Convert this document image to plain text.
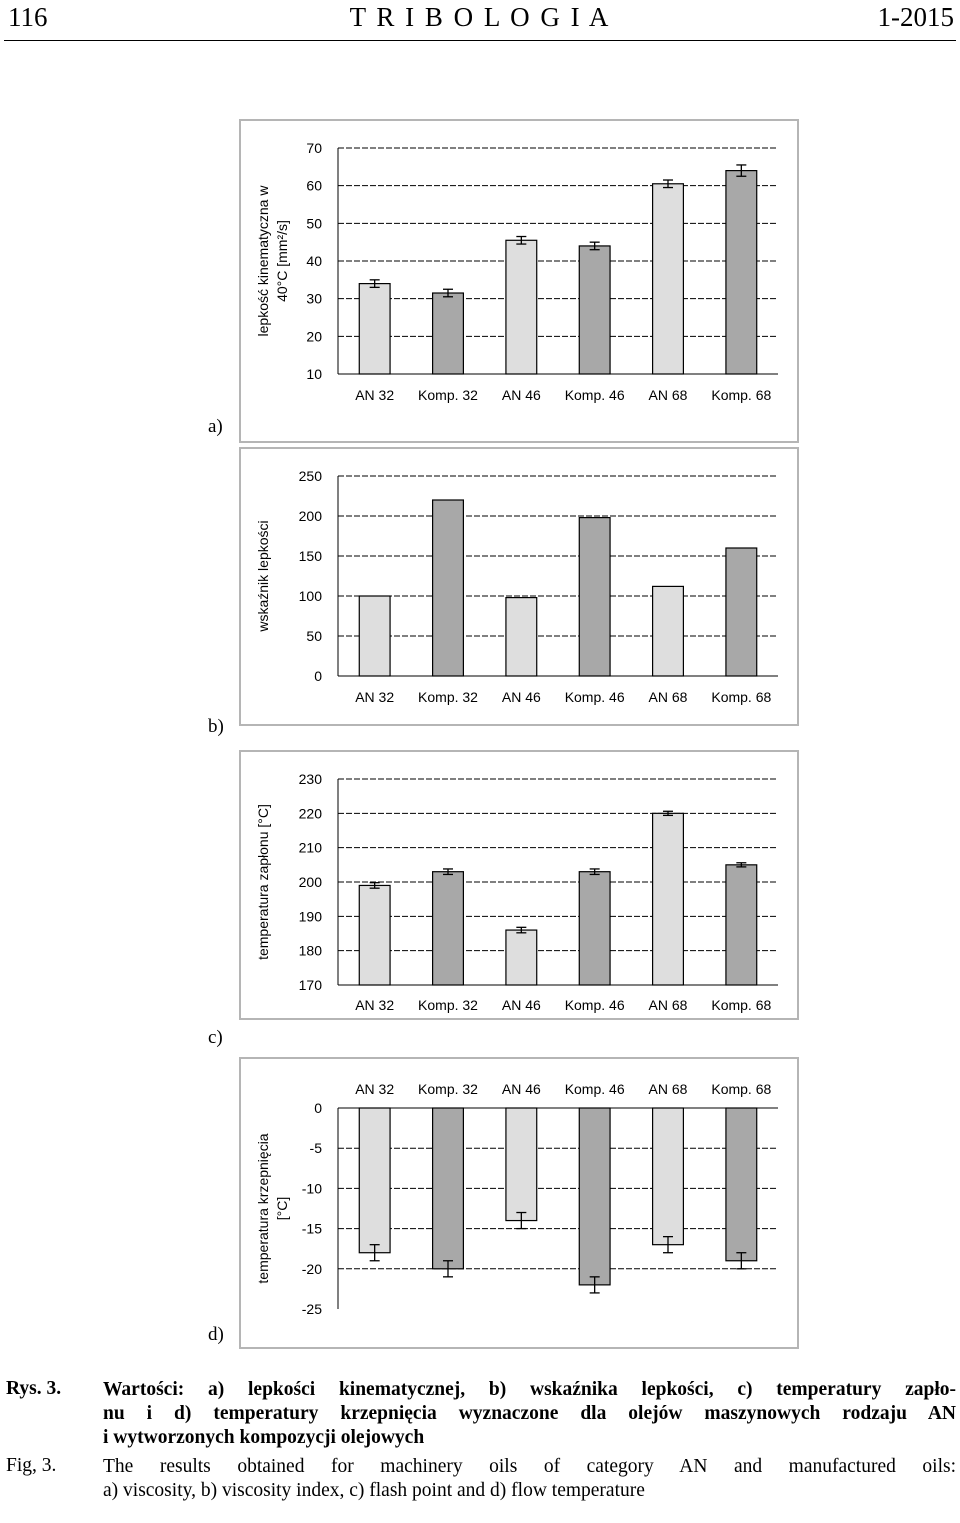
116	T R I B O L O G I A	1-2015
10
20
30
40
50
60
70
AN 32 Komp. 32 AN 46 Komp. 46 AN 68 Komp. 68
lepkość kinematyczna w 40°C [mm²/s]
a)
0
50
100
150
200
250
AN 32 Komp. 32 AN 46 Komp. 46 AN 68 Komp. 68
wskaźnik lepkości
b)
170
180
190
200
210
220
230
AN 32 Komp. 32 AN 46 Komp. 46 AN 68 Komp. 68
temperatura zapłonu [°C]
c)
0
-5
-10
-15
-20
-25
AN 32 Komp. 32 AN 46 Komp. 46 AN 68 Komp. 68
temperatura krzepnięcia [°C]
d)
Rys. 3. Wartości: a) lepkości kinematycznej, b) wskaźnika lepkości, c) temperatury zapło-
nu i d) temperatury krzepnięcia wyznaczone dla olejów maszynowych rodzaju AN
i wytworzonych kompozycji olejowych
Fig, 3. The results obtained for machinery oils of category AN and manufactured oils:
a) viscosity, b) viscosity index, c) flash point and d) flow temperature
